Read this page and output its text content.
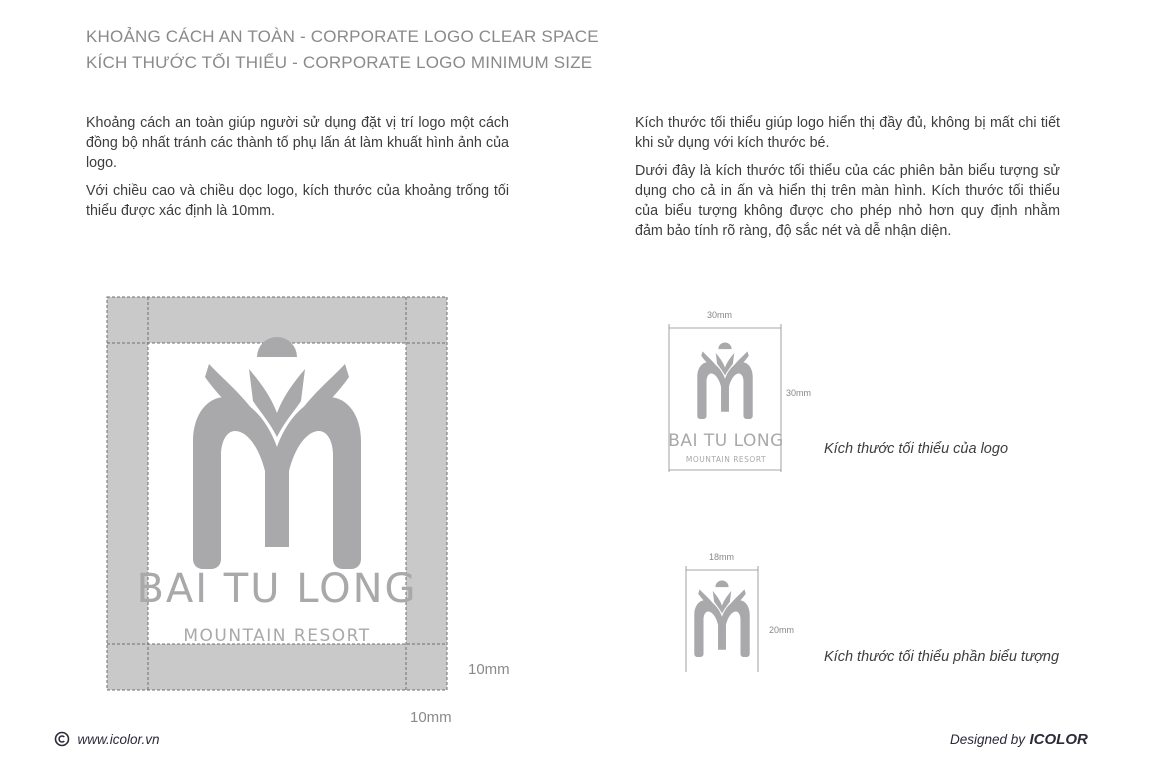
KHOẢNG CÁCH AN TOÀN - CORPORATE LOGO CLEAR SPACE
KÍCH THƯỚC TỐI THIỂU - CORPORATE LOGO MINIMUM SIZE

Khoảng cách an toàn giúp người sử dụng đặt vị trí logo một cách đồng bộ nhất tránh các thành tố phụ lấn át làm khuất hình ảnh của logo.

Với chiều cao và chiều dọc logo, kích thước của khoảng trống tối thiểu được xác định là 10mm.

Kích thước tối thiểu giúp logo hiển thị đầy đủ, không bị mất chi tiết khi sử dụng với kích thước bé.

Dưới đây là kích thước tối thiểu của các phiên bản biểu tượng sử dụng cho cả in ấn và hiển thị trên màn hình. Kích thước tối thiểu của biểu tượng không được cho phép nhỏ hơn quy định nhằm đảm bảo tính rõ ràng, độ sắc nét và dễ nhận diện.

BAI TU LONG
MOUNTAIN RESORT
10mm
10mm
BAI TU LONG
MOUNTAIN RESORT
30mm
30mm
Kích thước tối thiểu của logo
18mm
20mm
Kích thước tối thiểu phần biểu tượng
www.icolor.vn	Designed by ICOLOR
